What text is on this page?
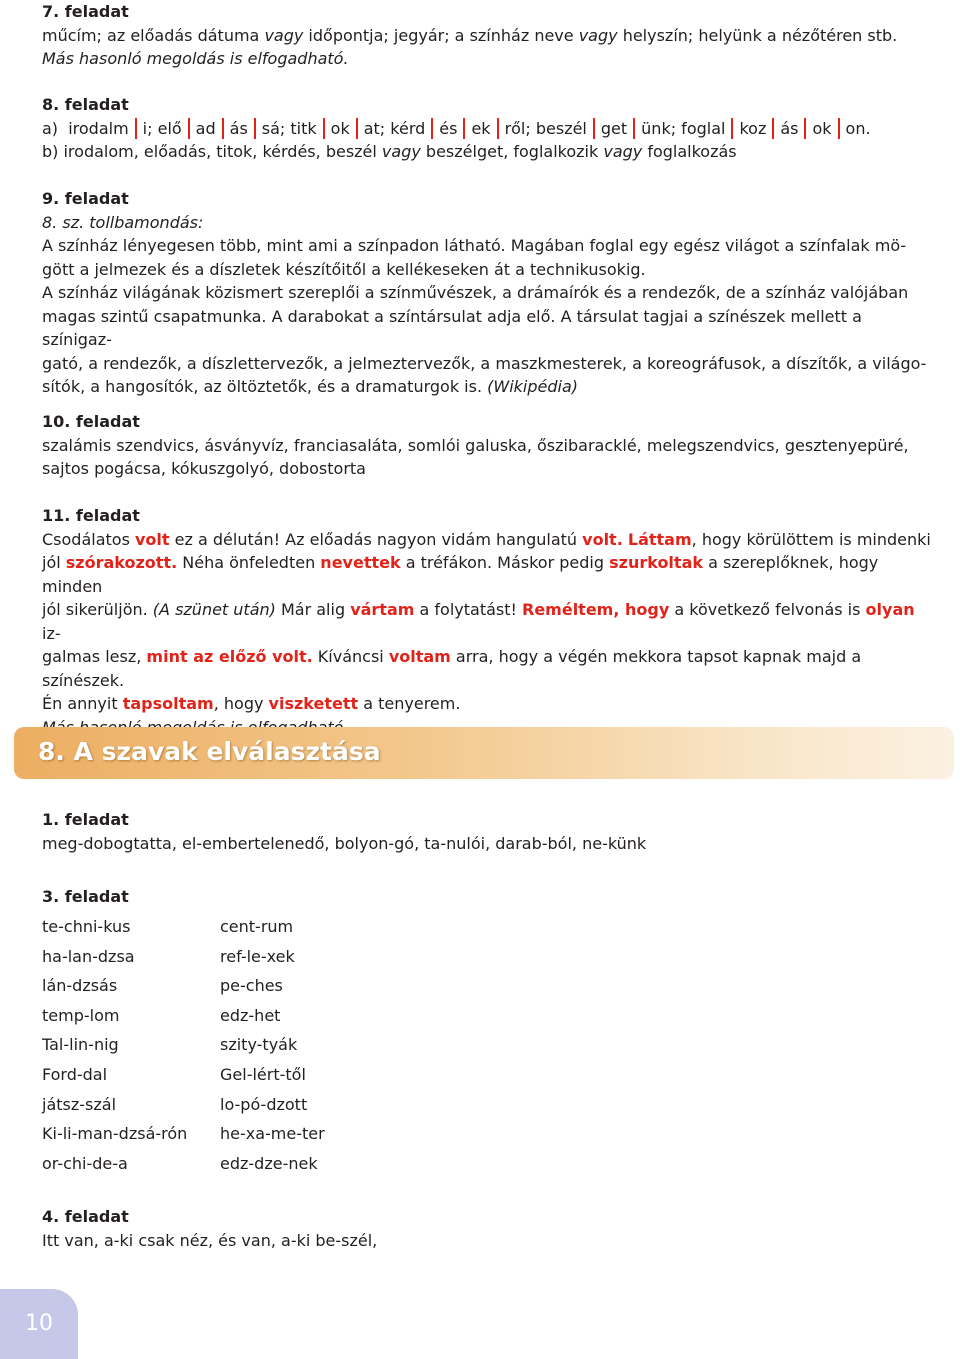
7. feladat
műcím; az előadás dátuma vagy időpontja; jegyár; a színház neve vagy helyszín; helyünk a nézőtéren stb.
Más hasonló megoldás is elfogadható.
8. feladat
a) irodalm i; elő ad ás sá; titk ok at; kérd és ek ről; beszél get ünk; foglal koz ás ok on.
b) irodalom, előadás, titok, kérdés, beszél vagy beszélget, foglalkozik vagy foglalkozás
9. feladat
8. sz. tollbamondás:
A színház lényegesen több, mint ami a színpadon látható. Magában foglal egy egész világot a színfalak mö-
gött a jelmezek és a díszletek készítőitől a kellékeseken át a technikusokig.
A színház világának közismert szereplői a színművészek, a drámaírók és a rendezők, de a színház valójában
magas szintű csapatmunka. A darabokat a színtársulat adja elő. A társulat tagjai a színészek mellett a színigaz-
gató, a rendezők, a díszlettervezők, a jelmeztervezők, a maszkmesterek, a koreográfusok, a díszítők, a világo-
sítók, a hangosítók, az öltöztetők, és a dramaturgok is. (Wikipédia)
10. feladat
szalámis szendvics, ásványvíz, franciasaláta, somlói galuska, őszibaracklé, melegszendvics, gesztenyepüré,
sajtos pogácsa, kókuszgolyó, dobostorta
11. feladat
Csodálatos volt ez a délután! Az előadás nagyon vidám hangulatú volt. Láttam, hogy körülöttem is mindenki
jól szórakozott. Néha önfeledten nevettek a tréfákon. Máskor pedig szurkoltak a szereplőknek, hogy minden
jól sikerüljön. (A szünet után) Már alig vártam a folytatást! Reméltem, hogy a következő felvonás is olyan iz-
galmas lesz, mint az előző volt. Kíváncsi voltam arra, hogy a végén mekkora tapsot kapnak majd a színészek.
Én annyit tapsoltam, hogy viszketett a tenyerem.
1. feladat
meg-dobogtatta, el-embertelenedő, bolyon-gó, ta-nulói, darab-ból, ne-künk
3. feladat
te-chni-kus
ha-lan-dzsa
lán-dzsás
temp-lom
Tal-lin-nig
Ford-dal
játsz-szál
Ki-li-man-dzsá-rón
or-chi-de-a
cent-rum
ref-le-xek
pe-ches
edz-het
szity-tyák
Gel-lért-től
lo-pó-dzott
he-xa-me-ter
edz-dze-nek
4. feladat
Itt van, a-ki csak néz, és van, a-ki be-szél,
8. A szavak elválasztása
10
